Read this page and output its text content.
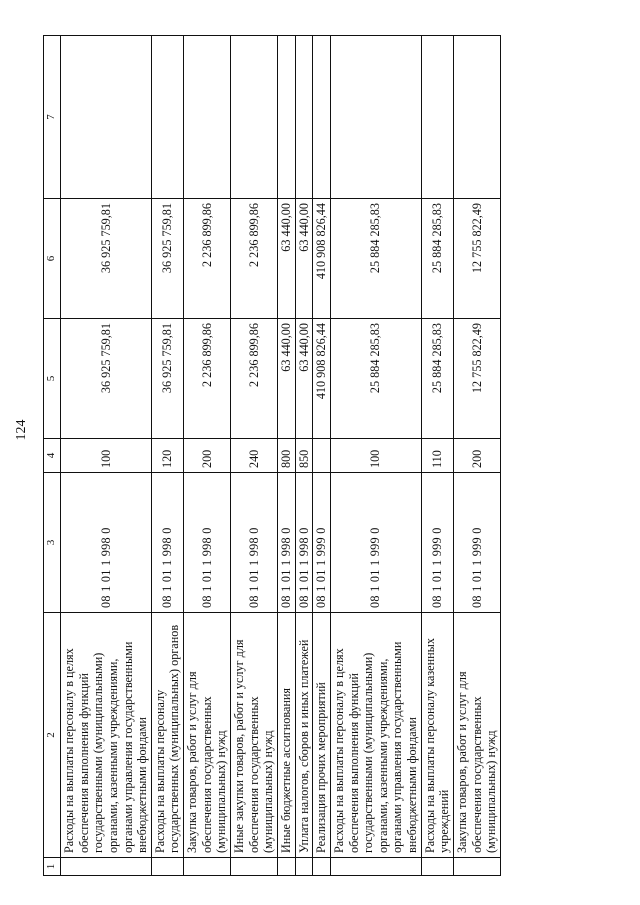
124
1	2	3	4	5	6	7
	Расходы на выплаты персоналу в целях обеспечения выполнения функций государственными (муниципальными) органами, казенными учреждениями, органами управления государственными внебюджетными фондами	08 1 01 1 998 0	100	36 925 759,81	36 925 759,81	
	Расходы на выплаты персоналу государственных (муниципальных) органов	08 1 01 1 998 0	120	36 925 759,81	36 925 759,81	
	Закупка товаров, работ и услуг для обеспечения государственных (муниципальных) нужд	08 1 01 1 998 0	200	2 236 899,86	2 236 899,86	
	Иные закупки товаров, работ и услуг для обеспечения государственных (муниципальных) нужд	08 1 01 1 998 0	240	2 236 899,86	2 236 899,86	
	Иные бюджетные ассигнования	08 1 01 1 998 0	800	63 440,00	63 440,00	
	Уплата налогов, сборов и иных платежей	08 1 01 1 998 0	850	63 440,00	63 440,00	
	Реализация прочих мероприятий	08 1 01 1 999 0		410 908 826,44	410 908 826,44	
	Расходы на выплаты персоналу в целях обеспечения выполнения функций государственными (муниципальными) органами, казенными учреждениями, органами управления государственными внебюджетными фондами	08 1 01 1 999 0	100	25 884 285,83	25 884 285,83	
	Расходы на выплаты персоналу казенных учреждений	08 1 01 1 999 0	110	25 884 285,83	25 884 285,83	
	Закупка товаров, работ и услуг для обеспечения государственных (муниципальных) нужд	08 1 01 1 999 0	200	12 755 822,49	12 755 822,49	
